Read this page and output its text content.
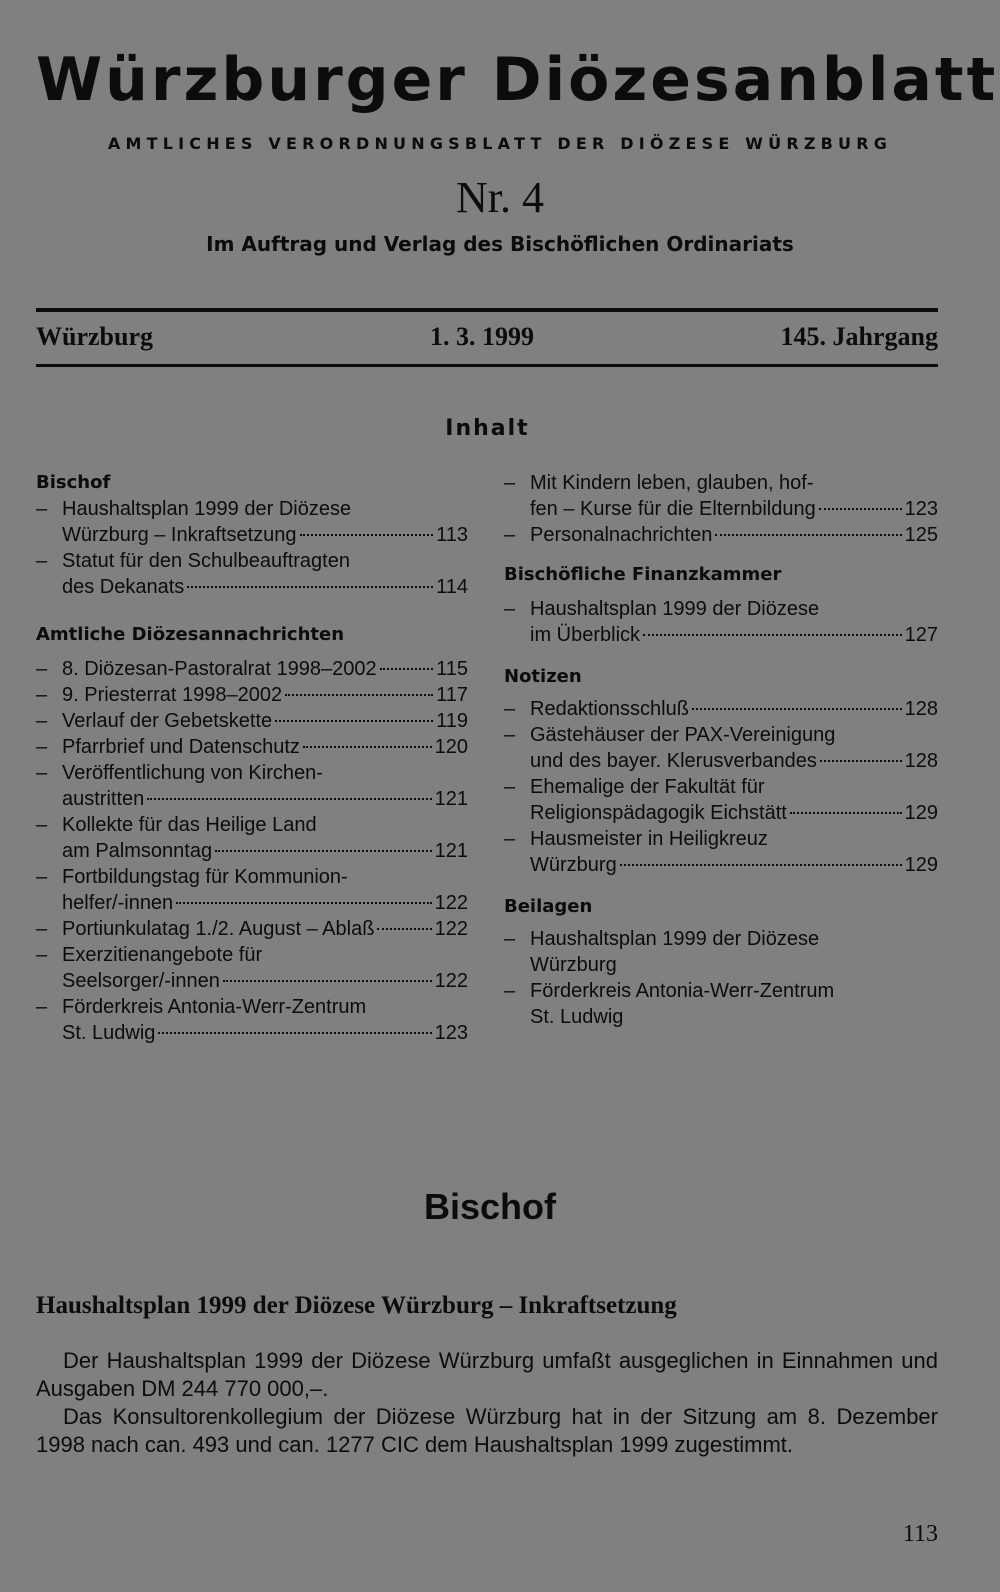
Würzburger Diözesanblatt
AMTLICHES VERORDNUNGSBLATT DER DIÖZESE WÜRZBURG
Nr. 4
Im Auftrag und Verlag des Bischöflichen Ordinariats
Würzburg	1. 3. 1999	145. Jahrgang
Inhalt
Bischof
– Haushaltsplan 1999 der Diözese
Würzburg – Inkraftsetzung	113
– Statut für den Schulbeauftragten
des Dekanats	114
Amtliche Diözesannachrichten
– 8. Diözesan-Pastoralrat 1998–2002	115
– 9. Priesterrat 1998–2002	117
– Verlauf der Gebetskette	119
– Pfarrbrief und Datenschutz	120
– Veröffentlichung von Kirchen-
austritten	121
– Kollekte für das Heilige Land
am Palmsonntag	121
– Fortbildungstag für Kommunion-
helfer/-innen	122
– Portiunkulatag 1./2. August – Ablaß	122
– Exerzitienangebote für
Seelsorger/-innen	122
– Förderkreis Antonia-Werr-Zentrum
St. Ludwig	123
– Mit Kindern leben, glauben, hof-
fen – Kurse für die Elternbildung	123
– Personalnachrichten	125
Bischöfliche Finanzkammer
– Haushaltsplan 1999 der Diözese
im Überblick	127
Notizen
– Redaktionsschluß	128
– Gästehäuser der PAX-Vereinigung
und des bayer. Klerusverbandes	128
– Ehemalige der Fakultät für
Religionspädagogik Eichstätt	129
– Hausmeister in Heiligkreuz
Würzburg	129
Beilagen
– Haushaltsplan 1999 der Diözese
Würzburg
– Förderkreis Antonia-Werr-Zentrum
St. Ludwig
Bischof
Haushaltsplan 1999 der Diözese Würzburg – Inkraftsetzung

Der Haushaltsplan 1999 der Diözese Würzburg umfaßt ausgeglichen in Einnahmen und Ausgaben DM 244 770 000,–.

Das Konsultorenkollegium der Diözese Würzburg hat in der Sitzung am 8. Dezember 1998 nach can. 493 und can. 1277 CIC dem Haushaltsplan 1999 zugestimmt.

113
